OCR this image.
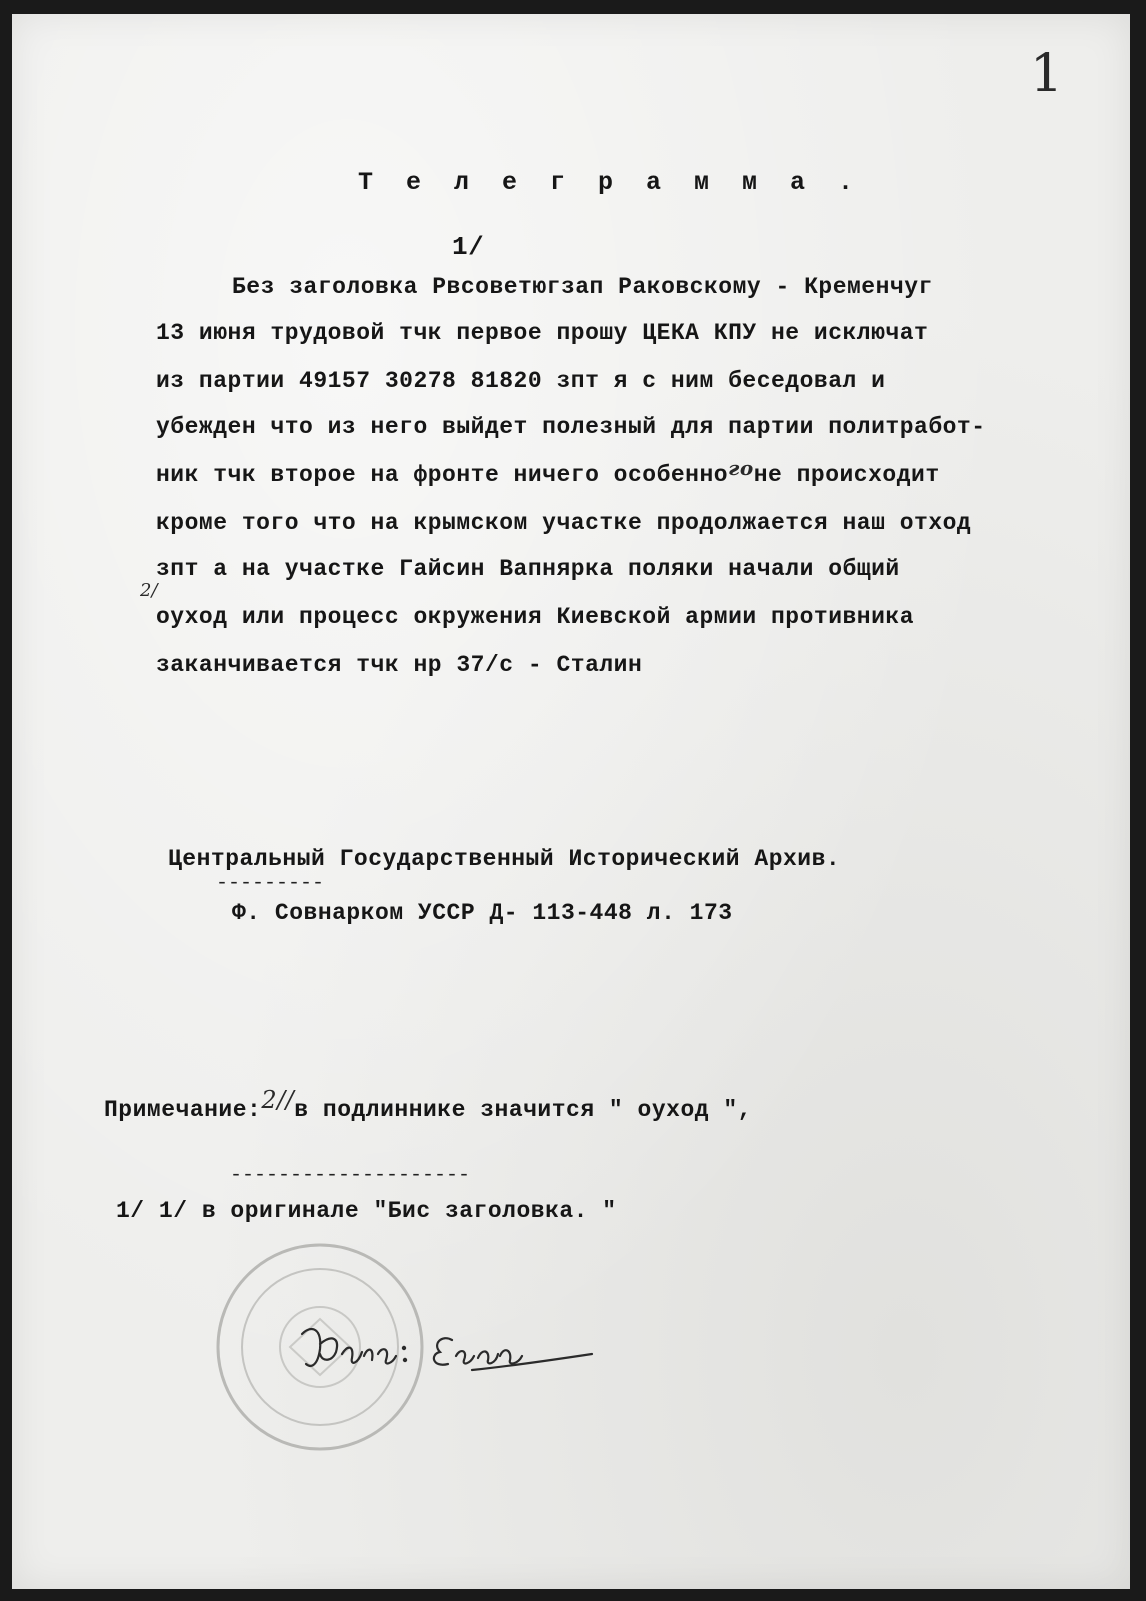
1
Т е л е г р а м м а .
1/
Без заголовка Рвсоветюгзап Раковскому - Кременчуг
13 июня трудовой тчк первое прошу ЦЕКА КПУ не исключат
из партии 49157 30278 81820 зпт я с ним беседовал и
убежден что из него выйдет полезный для партии политработ-
ник тчк второе на фронте ничего особенногоне происходит
кроме того что на крымском участке продолжается наш отход
зпт а на участке Гайсин Вапнярка поляки начали общий
2/
оуход или процесс окружения Киевской армии противника
заканчивается тчк нр 37/с - Сталин
Центральный Государственный Исторический Архив.
---------
Ф. Совнарком УССР Д- 113-448 л. 173
Примечание:2//в подлиннике значится " оуход ",
--------------------
1/ 1/ в оригинале "Бис заголовка. "
